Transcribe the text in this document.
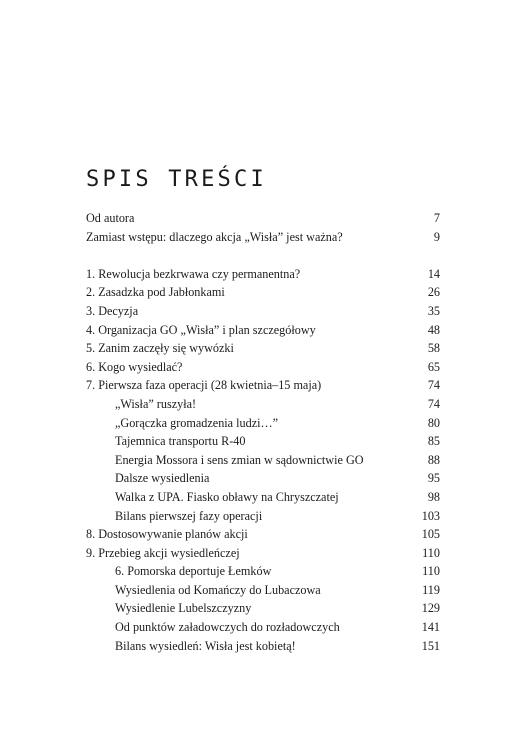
SPIS TREŚCI
Od autora	7
Zamiast wstępu: dlaczego akcja „Wisła” jest ważna?	9
1. Rewolucja bezkrwawa czy permanentna?	14
2. Zasadzka pod Jabłonkami	26
3. Decyzja	35
4. Organizacja GO „Wisła” i plan szczegółowy	48
5. Zanim zaczęły się wywózki	58
6. Kogo wysiedlać?	65
7. Pierwsza faza operacji (28 kwietnia–15 maja)	74
„Wisła” ruszyła!	74
„Gorączka gromadzenia ludzi…”	80
Tajemnica transportu R-40	85
Energia Mossora i sens zmian w sądownictwie GO	88
Dalsze wysiedlenia	95
Walka z UPA. Fiasko obławy na Chryszczatej	98
Bilans pierwszej fazy operacji	103
8. Dostosowywanie planów akcji	105
9. Przebieg akcji wysiedleńczej	110
6. Pomorska deportuje Łemków	110
Wysiedlenia od Komańczy do Lubaczowa	119
Wysiedlenie Lubelszczyzny	129
Od punktów załadowczych do rozładowczych	141
Bilans wysiedleń: Wisła jest kobietą!	151
